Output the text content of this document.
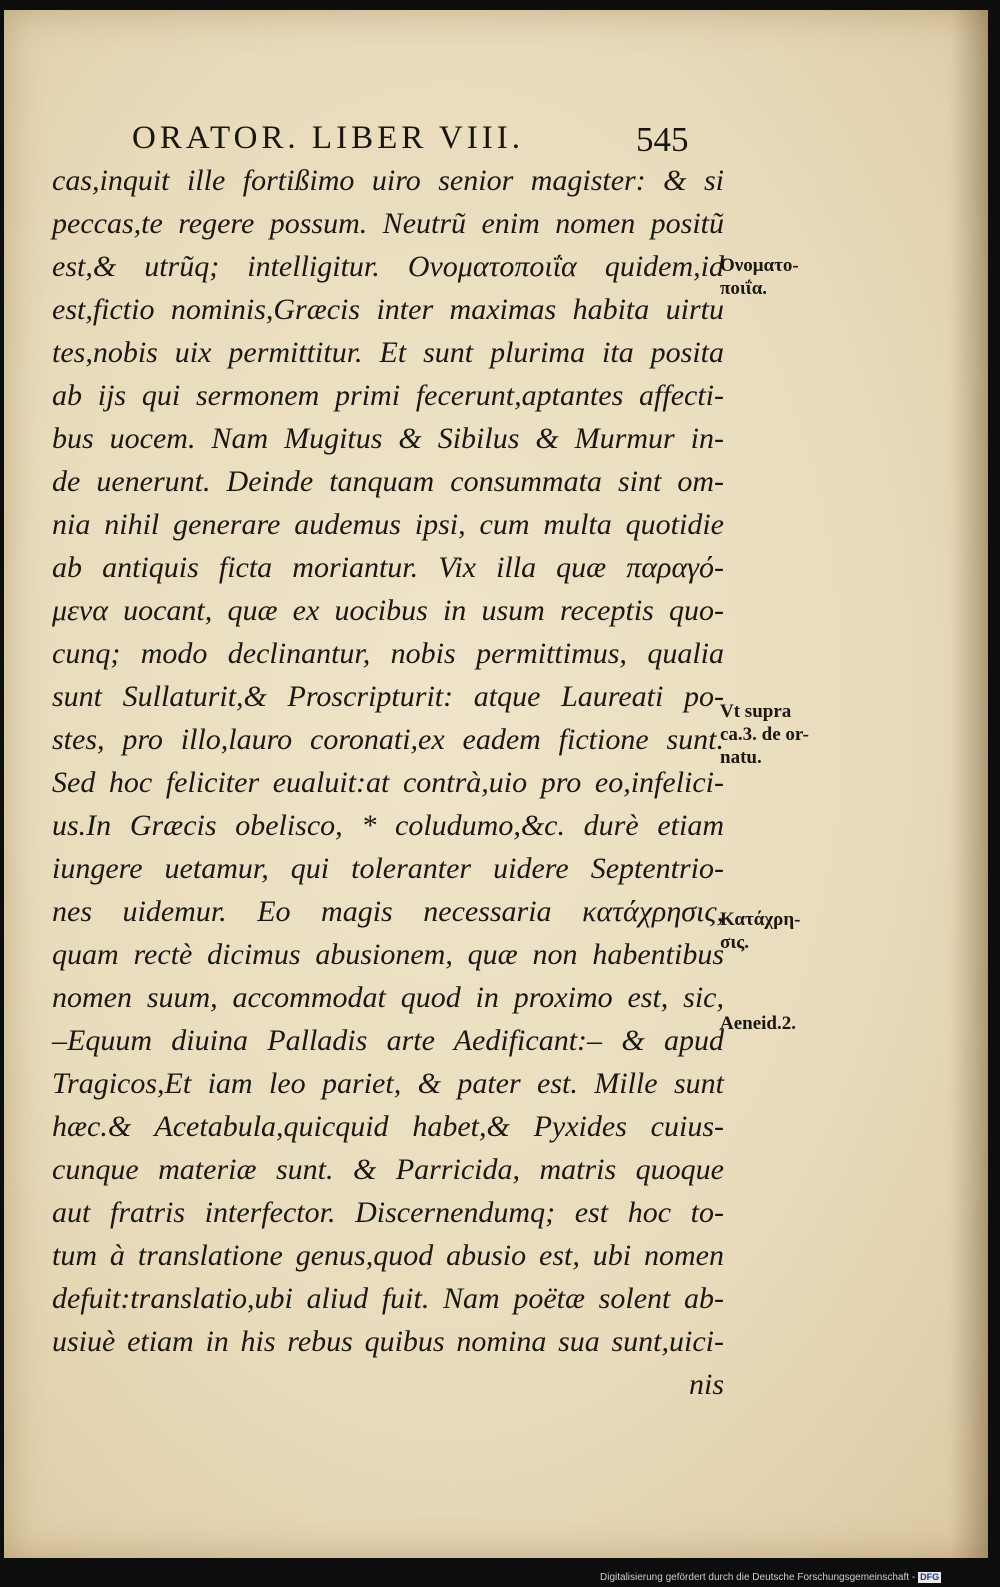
ORATOR. LIBER VIII.	545
cas,inquit ille fortißimo uiro senior magister: & si
peccas,te regere possum. Neutrũ enim nomen positũ
est,& utrũq; intelligitur. Ονοματοποιΐα quidem,id
est,fictio nominis,Græcis inter maximas habita uirtu
tes,nobis uix permittitur. Et sunt plurima ita posita
ab ijs qui sermonem primi fecerunt,aptantes affecti-
bus uocem. Nam Mugitus & Sibilus & Murmur in-
de uenerunt. Deinde tanquam consummata sint om-
nia nihil generare audemus ipsi, cum multa quotidie
ab antiquis ficta moriantur. Vix illa quæ παραγό-
μενα uocant, quæ ex uocibus in usum receptis quo-
cunq; modo declinantur, nobis permittimus, qualia
sunt Sullaturit,& Proscripturit: atque Laureati po-
stes, pro illo,lauro coronati,ex eadem fictione sunt.
Sed hoc feliciter eualuit:at contrà,uio pro eo,infelici-
us.In Græcis obelisco, * coludumo,&c. durè etiam
iungere uetamur, qui toleranter uidere Septentrio-
nes uidemur. Eo magis necessaria κατάχρησις,
quam rectè dicimus abusionem, quæ non habentibus
nomen suum, accommodat quod in proximo est, sic,
–Equum diuina Palladis arte Aedificant:– & apud
Tragicos,Et iam leo pariet, & pater est. Mille sunt
hæc.& Acetabula,quicquid habet,& Pyxides cuius-
cunque materiæ sunt. & Parricida, matris quoque
aut fratris interfector. Discernendumq; est hoc to-
tum à translatione genus,quod abusio est, ubi nomen
defuit:translatio,ubi aliud fuit. Nam poëtæ solent ab-
usiuè etiam in his rebus quibus nomina sua sunt,uici-
nis
Ονοματο-
ποιΐα.
Vt supra
ca.3. de or-
natu.
Κατάχρη-
σις.
Aeneid.2.
Digitalisierung gefördert durch die Deutsche Forschungsgemeinschaft - DFG
